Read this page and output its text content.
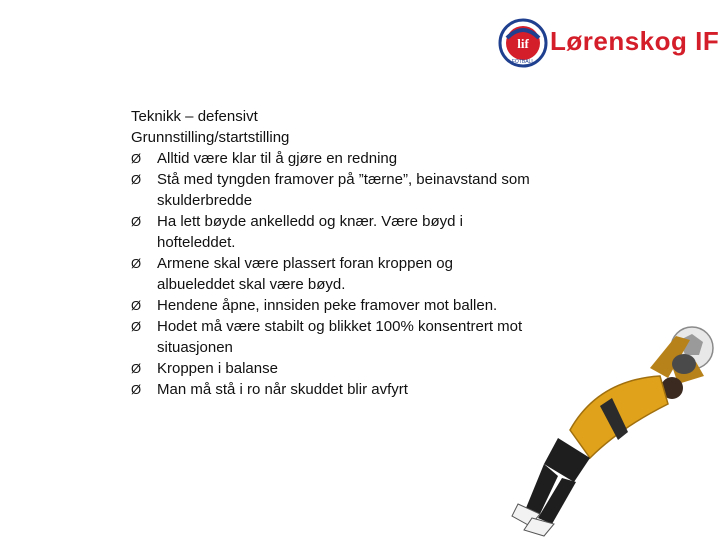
lif
FOTBALL
Lørenskog IF

Teknikk – defensivt

Grunnstilling/startstilling

Ø	Alltid være klar til å gjøre en redning
Ø	Stå med tyngden framover på ”tærne”, beinavstand som skulderbredde
Ø	Ha lett bøyde ankelledd og knær. Være bøyd i hofteleddet.
Ø	Armene skal være plassert foran kroppen og albueleddet skal være bøyd.
Ø	Hendene åpne, innsiden peke framover mot ballen.
Ø	Hodet må være stabilt og blikket 100% konsentrert mot situasjonen
Ø	Kroppen i balanse
Ø	Man må stå i ro når skuddet blir avfyrt
